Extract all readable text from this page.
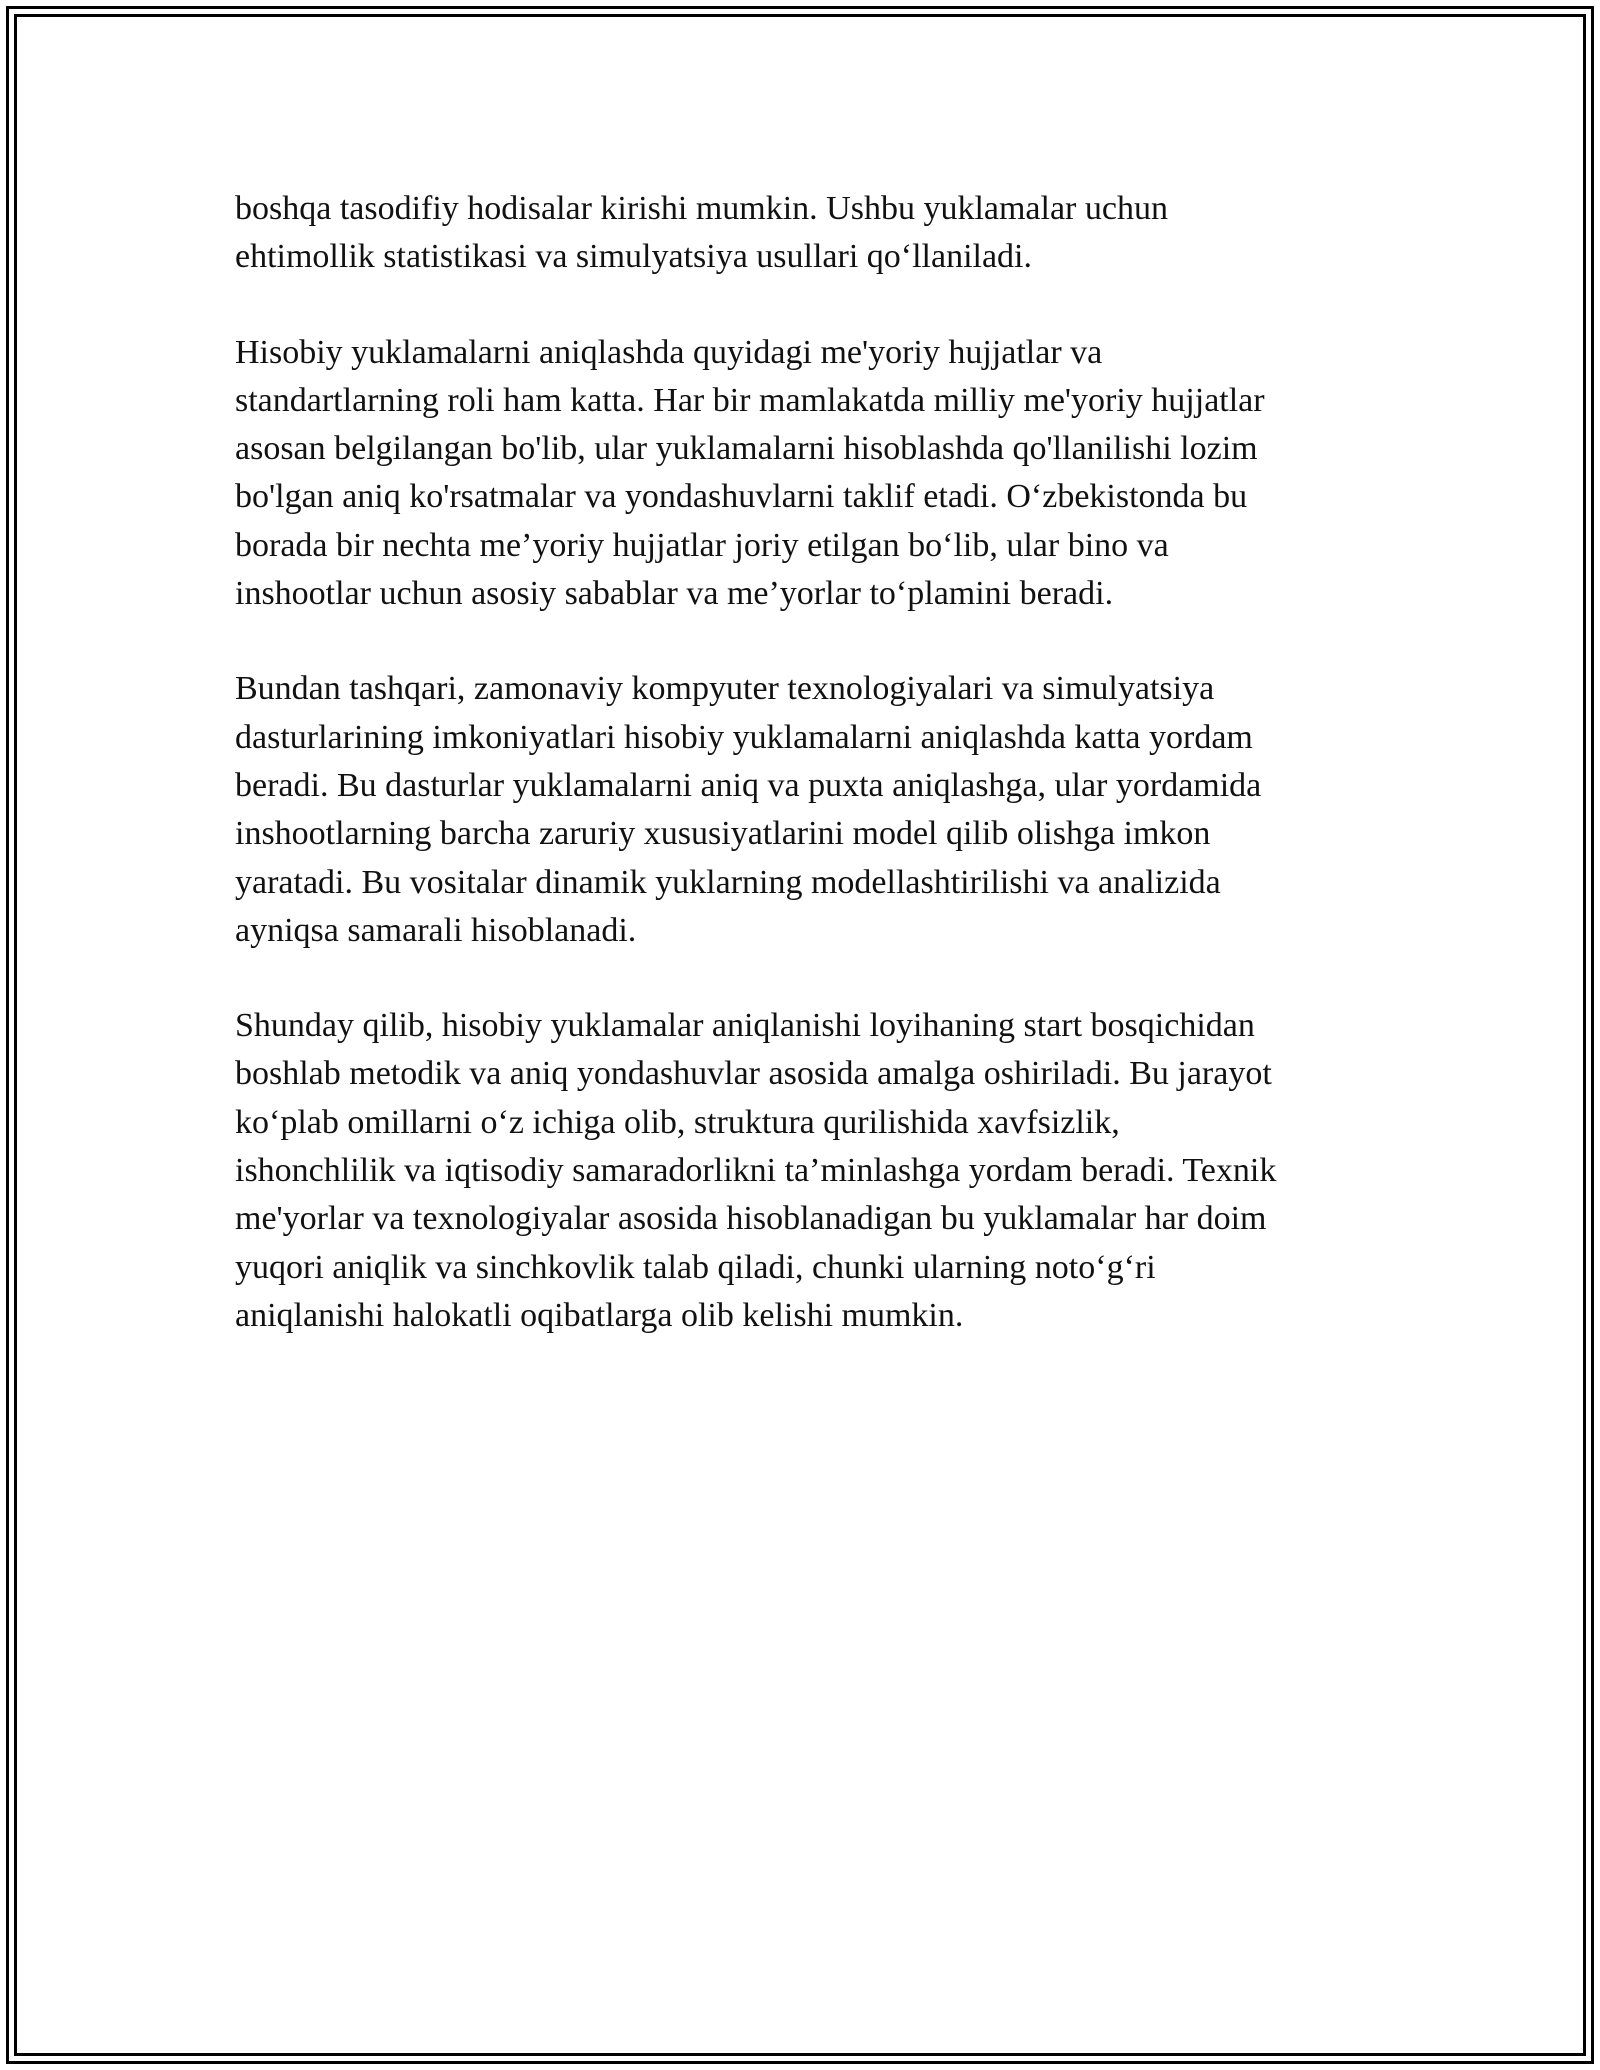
boshqa tasodifiy hodisalar kirishi mumkin. Ushbu yuklamalar uchun
ehtimollik statistikasi va simulyatsiya usullari qo‘llaniladi.

Hisobiy yuklamalarni aniqlashda quyidagi me'yoriy hujjatlar va
standartlarning roli ham katta. Har bir mamlakatda milliy me'yoriy hujjatlar
asosan belgilangan bo'lib, ular yuklamalarni hisoblashda qo'llanilishi lozim
bo'lgan aniq ko'rsatmalar va yondashuvlarni taklif etadi. O‘zbekistonda bu
borada bir nechta me’yoriy hujjatlar joriy etilgan bo‘lib, ular bino va
inshootlar uchun asosiy sabablar va me’yorlar to‘plamini beradi.

Bundan tashqari, zamonaviy kompyuter texnologiyalari va simulyatsiya
dasturlarining imkoniyatlari hisobiy yuklamalarni aniqlashda katta yordam
beradi. Bu dasturlar yuklamalarni aniq va puxta aniqlashga, ular yordamida
inshootlarning barcha zaruriy xususiyatlarini model qilib olishga imkon
yaratadi. Bu vositalar dinamik yuklarning modellashtirilishi va analizida
ayniqsa samarali hisoblanadi.

Shunday qilib, hisobiy yuklamalar aniqlanishi loyihaning start bosqichidan
boshlab metodik va aniq yondashuvlar asosida amalga oshiriladi. Bu jarayot
ko‘plab omillarni o‘z ichiga olib, struktura qurilishida xavfsizlik,
ishonchlilik va iqtisodiy samaradorlikni ta’minlashga yordam beradi. Texnik
me'yorlar va texnologiyalar asosida hisoblanadigan bu yuklamalar har doim
yuqori aniqlik va sinchkovlik talab qiladi, chunki ularning noto‘g‘ri
aniqlanishi halokatli oqibatlarga olib kelishi mumkin.
